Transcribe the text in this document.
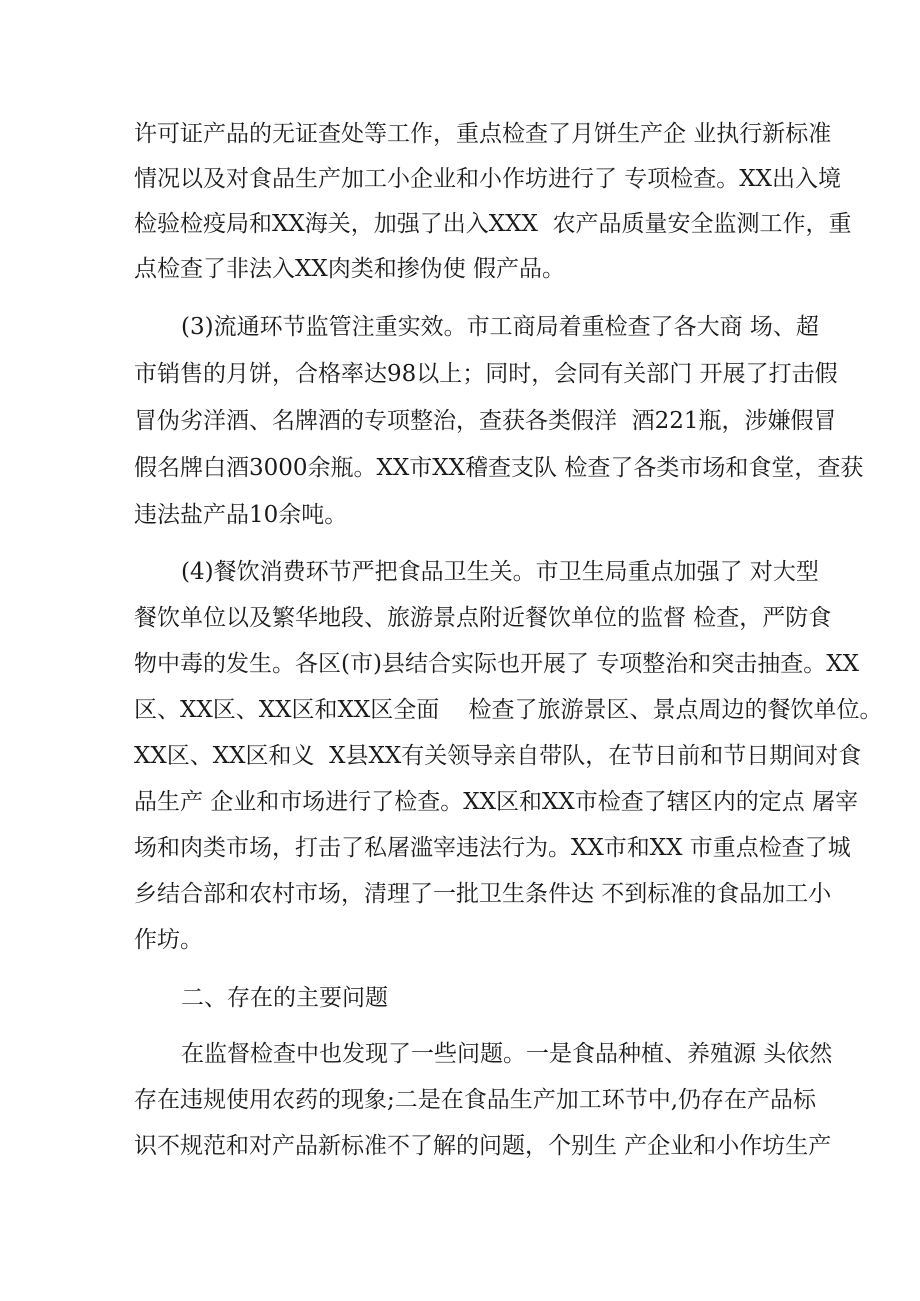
许可证产品的无证查处等工作，重点检查了月饼生产企 业执行新标准
情况以及对食品生产加工小企业和小作坊进行了 专项检查。XX出入境
检验检疫局和XX海关，加强了出入XXX  农产品质量安全监测工作，重
点检查了非法入XX肉类和掺伪使 假产品。
(3)流通环节监管注重实效。市工商局着重检查了各大商 场、超
市销售的月饼，合格率达98以上；同时，会同有关部门 开展了打击假
冒伪劣洋酒、名牌酒的专项整治，查获各类假洋  酒221瓶，涉嫌假冒
假名牌白酒3000余瓶。XX市XX稽查支队 检查了各类市场和食堂，查获
违法盐产品10余吨。
(4)餐饮消费环节严把食品卫生关。市卫生局重点加强了 对大型
餐饮单位以及繁华地段、旅游景点附近餐饮单位的监督 检查，严防食
物中毒的发生。各区(市)县结合实际也开展了 专项整治和突击抽查。XX
区、XX区、XX区和XX区全面    检查了旅游景区、景点周边的餐饮单位。
XX区、XX区和义  X县XX有关领导亲自带队，在节日前和节日期间对食
品生产 企业和市场进行了检查。XX区和XX市检查了辖区内的定点 屠宰
场和肉类市场，打击了私屠滥宰违法行为。XX市和XX 市重点检查了城
乡结合部和农村市场，清理了一批卫生条件达 不到标准的食品加工小
作坊。
二、存在的主要问题
在监督检查中也发现了一些问题。一是食品种植、养殖源 头依然
存在违规使用农药的现象;二是在食品生产加工环节中,仍存在产品标
识不规范和对产品新标准不了解的问题，个别生 产企业和小作坊生产
